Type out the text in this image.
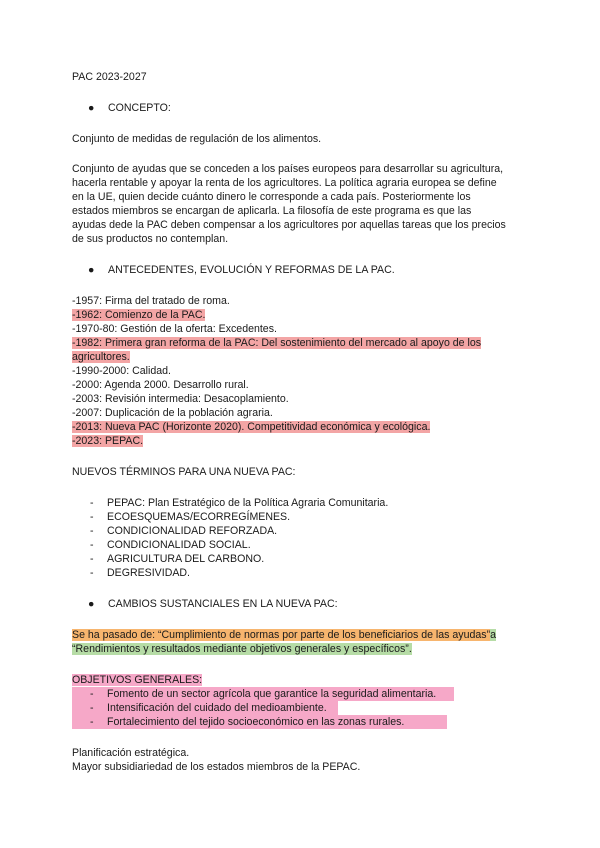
PAC 2023-2027
●	CONCEPTO:
Conjunto de medidas de regulación de los alimentos.
Conjunto de ayudas que se conceden a los países europeos para desarrollar su agricultura,
hacerla rentable y apoyar la renta de los agricultores. La política agraria europea se define
en la UE, quien decide cuánto dinero le corresponde a cada país. Posteriormente los
estados miembros se encargan de aplicarla. La filosofía de este programa es que las
ayudas dede la PAC deben compensar a los agricultores por aquellas tareas que los precios
de sus productos no contemplan.
●	ANTECEDENTES, EVOLUCIÓN Y REFORMAS DE LA PAC.
-1957: Firma del tratado de roma.
-1962: Comienzo de la PAC.
-1970-80: Gestión de la oferta: Excedentes.
-1982: Primera gran reforma de la PAC: Del sostenimiento del mercado al apoyo de los
agricultores.
-1990-2000: Calidad.
-2000: Agenda 2000. Desarrollo rural.
-2003: Revisión intermedia: Desacoplamiento.
-2007: Duplicación de la población agraria.
-2013: Nueva PAC (Horizonte 2020). Competitividad económica y ecológica.
-2023: PEPAC.
NUEVOS TÉRMINOS PARA UNA NUEVA PAC:
- PEPAC: Plan Estratégico de la Política Agraria Comunitaria.
- ECOESQUEMAS/ECORREGÍMENES.
- CONDICIONALIDAD REFORZADA.
- CONDICIONALIDAD SOCIAL.
- AGRICULTURA DEL CARBONO.
- DEGRESIVIDAD.
●	CAMBIOS SUSTANCIALES EN LA NUEVA PAC:
Se ha pasado de: “Cumplimiento de normas por parte de los beneficiarios de las ayudas”a
“Rendimientos y resultados mediante objetivos generales y específicos”.
OBJETIVOS GENERALES:
- Fomento de un sector agrícola que garantice la seguridad alimentaria.
- Intensificación del cuidado del medioambiente.
- Fortalecimiento del tejido socioeconómico en las zonas rurales.
Planificación estratégica.
Mayor subsidiariedad de los estados miembros de la PEPAC.
